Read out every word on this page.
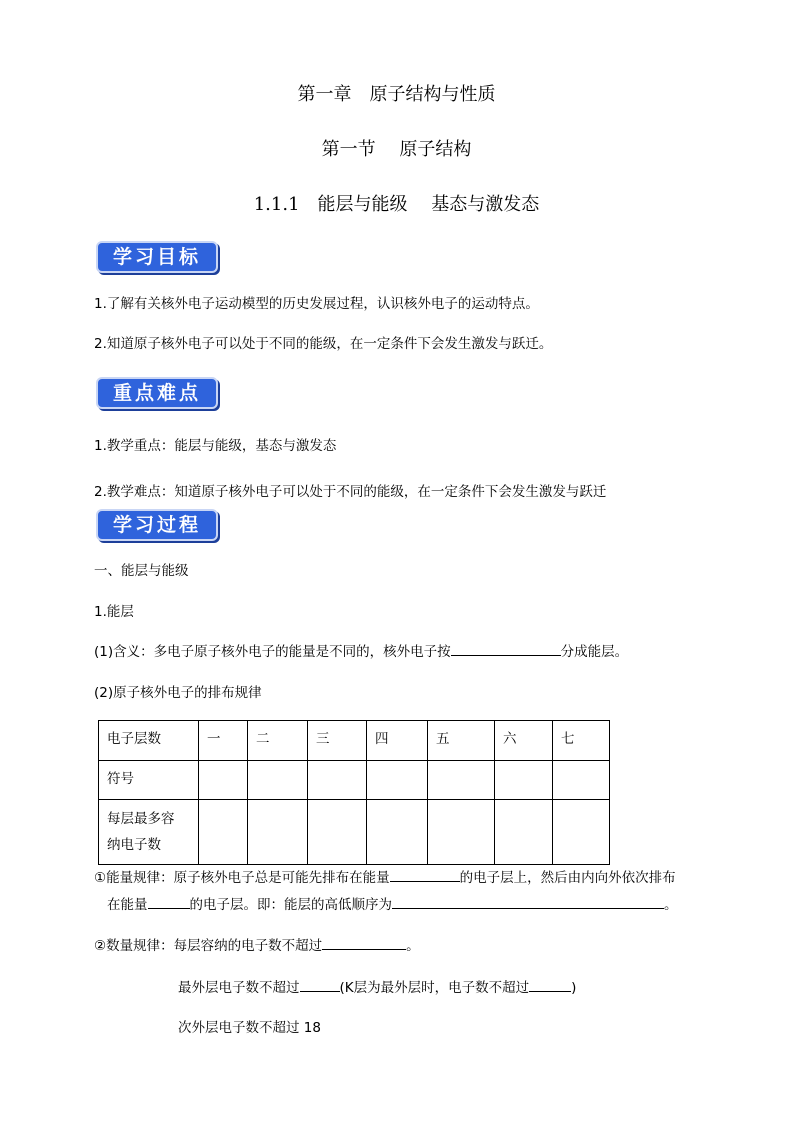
第一章　原子结构与性质
第一节　 原子结构
1.1.1　能层与能级　 基态与激发态
学习目标
1.了解有关核外电子运动模型的历史发展过程，认识核外电子的运动特点。
2.知道原子核外电子可以处于不同的能级，在一定条件下会发生激发与跃迁。
重点难点
1.教学重点：能层与能级，基态与激发态
2.教学难点：知道原子核外电子可以处于不同的能级，在一定条件下会发生激发与跃迁
学习过程
一、能层与能级
1.能层
(1)含义：多电子原子核外电子的能量是不同的，核外电子按	分成能层。
(2)原子核外电子的排布规律
电子层数	一	二	三	四	五	六	七
符号							
每层最多容
纳电子数							
①能量规律：原子核外电子总是可能先排布在能量	的电子层上，然后由内向外依次排布
在能量	的电子层。即：能层的高低顺序为	。
②数量规律：每层容纳的电子数不超过	。
最外层电子数不超过	(K层为最外层时，电子数不超过	)
次外层电子数不超过 18
